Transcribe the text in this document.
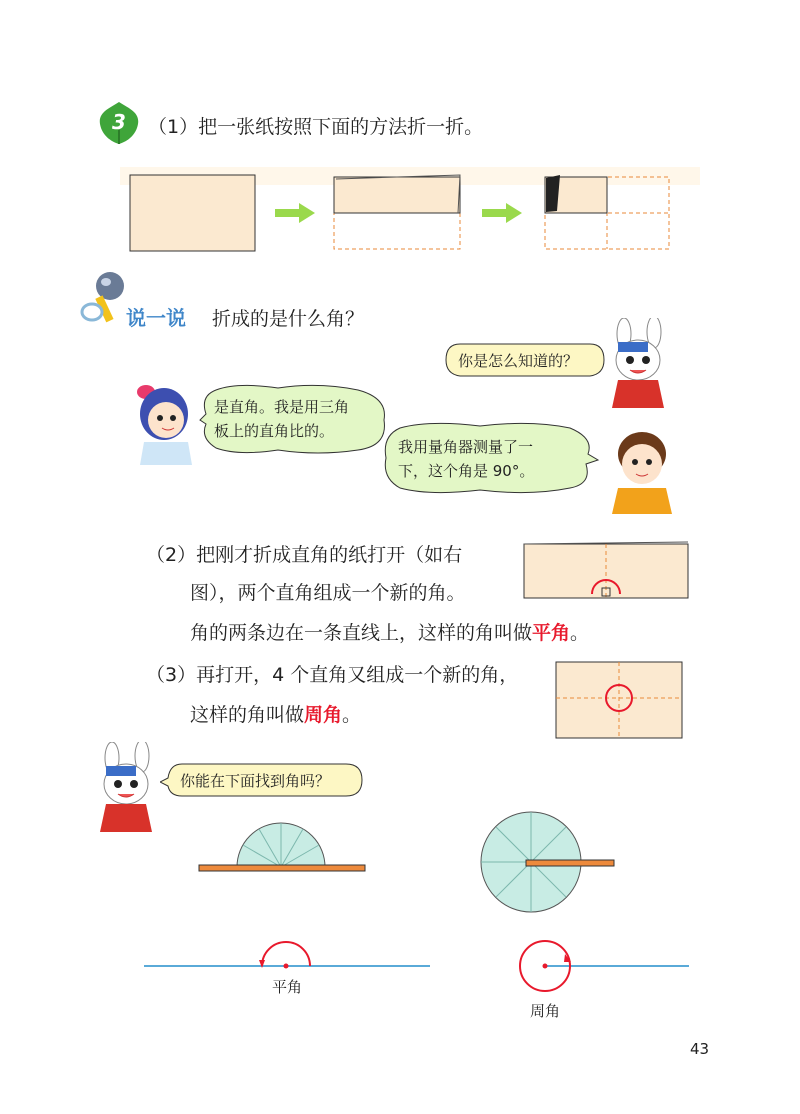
3 （1）把一张纸按照下面的方法折一折。
说一说 折成的是什么角？
你是怎么知道的？
是直角。我是用三角
板上的直角比的。
我用量角器测量了一
下，这个角是 90°。
（2）把刚才折成直角的纸打开（如右
图），两个直角组成一个新的角。
角的两条边在一条直线上，这样的角叫做平角。
（3）再打开，4 个直角又组成一个新的角，
这样的角叫做周角。
你能在下面找到角吗？
平角
周角
43
